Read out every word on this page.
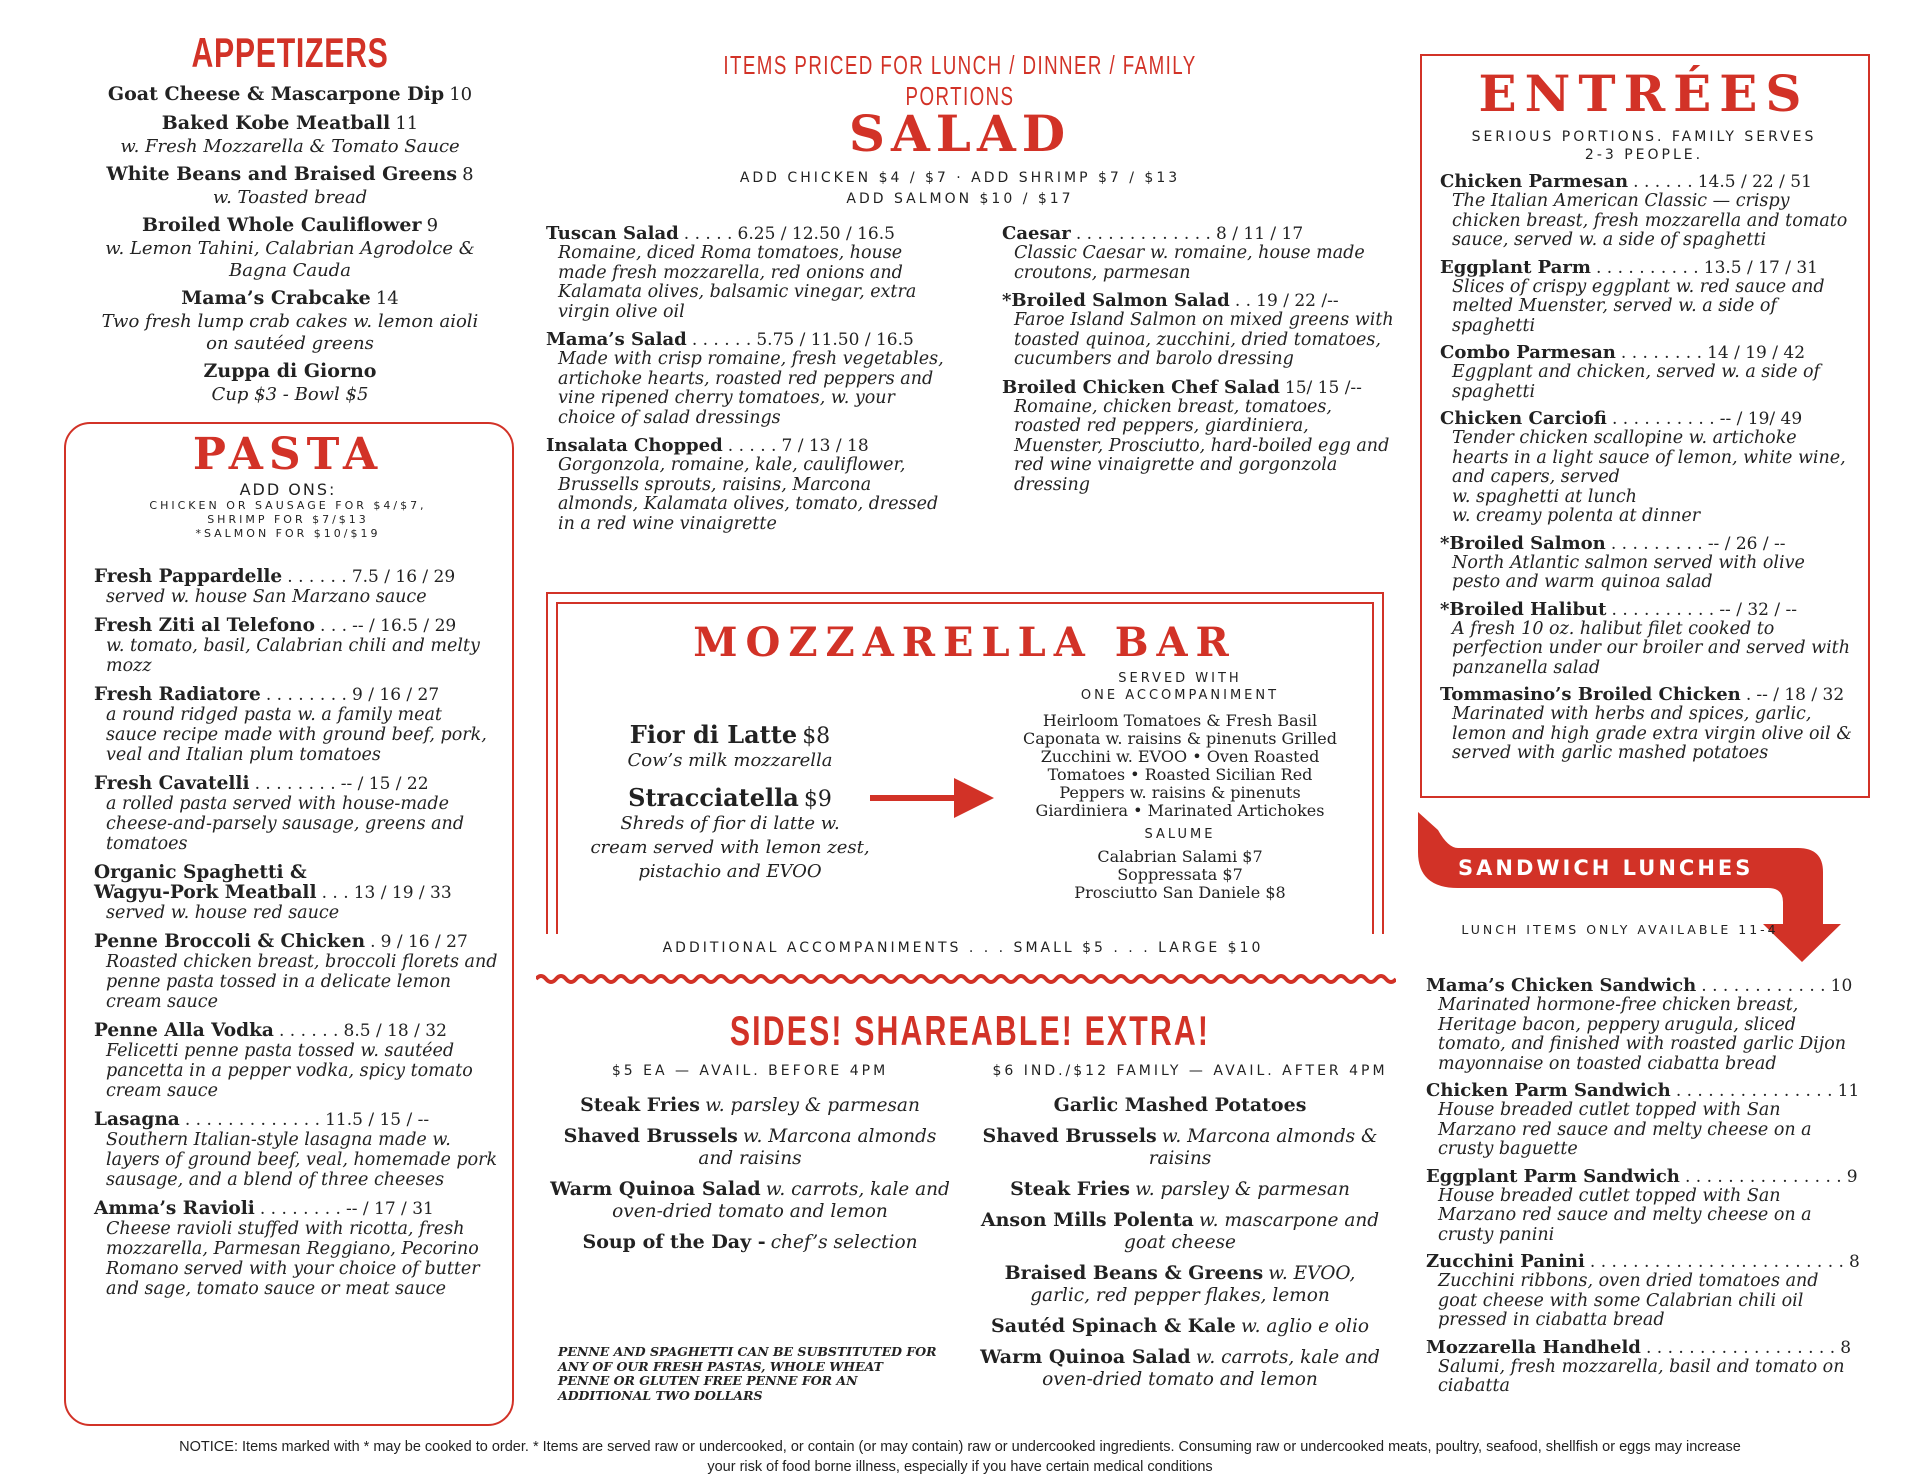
APPETIZERS
Goat Cheese & Mascarpone Dip 10
Baked Kobe Meatball 11
w. Fresh Mozzarella & Tomato Sauce
White Beans and Braised Greens 8
w. Toasted bread
Broiled Whole Cauliflower 9
w. Lemon Tahini, Calabrian Agrodolce & Bagna Cauda
Mama’s Crabcake 14
Two fresh lump crab cakes w. lemon aioli on sautéed greens
Zuppa di Giorno
Cup $3 - Bowl $5
PASTA
ADD ONS:
CHICKEN OR SAUSAGE FOR $4/$7,
SHRIMP FOR $7/$13
*SALMON FOR $10/$19
Fresh Pappardelle . . . . . . 7.5 / 16 / 29
served w. house San Marzano sauce
Fresh Ziti al Telefono . . . -- / 16.5 / 29
w. tomato, basil, Calabrian chili and melty mozz
Fresh Radiatore . . . . . . . . 9 / 16 / 27
a round ridged pasta w. a family meat sauce recipe made with ground beef, pork, veal and Italian plum tomatoes
Fresh Cavatelli . . . . . . . . -- / 15 / 22
a rolled pasta served with house-made cheese-and-parsely sausage, greens and tomatoes
Organic Spaghetti &
Wagyu-Pork Meatball . . . 13 / 19 / 33
served w. house red sauce
Penne Broccoli & Chicken . 9 / 16 / 27
Roasted chicken breast, broccoli florets and penne pasta tossed in a delicate lemon cream sauce
Penne Alla Vodka . . . . . . 8.5 / 18 / 32
Felicetti penne pasta tossed w. sautéed pancetta in a pepper vodka, spicy tomato cream sauce
Lasagna . . . . . . . . . . . . . 11.5 / 15 / --
Southern Italian-style lasagna made w. layers of ground beef, veal, homemade pork sausage, and a blend of three cheeses
Amma’s Ravioli . . . . . . . . -- / 17 / 31
Cheese ravioli stuffed with ricotta, fresh mozzarella, Parmesan Reggiano, Pecorino Romano served with your choice of butter and sage, tomato sauce or meat sauce
ITEMS PRICED FOR LUNCH / DINNER / FAMILY PORTIONS
SALAD
ADD CHICKEN $4 / $7 · ADD SHRIMP $7 / $13
ADD SALMON $10 / $17
Tuscan Salad . . . . . 6.25 / 12.50 / 16.5
Romaine, diced Roma tomatoes, house made fresh mozzarella, red onions and Kalamata olives, balsamic vinegar, extra virgin olive oil
Mama’s Salad . . . . . . 5.75 / 11.50 / 16.5
Made with crisp romaine, fresh vegetables, artichoke hearts, roasted red peppers and vine ripened cherry tomatoes, w. your choice of salad dressings
Insalata Chopped . . . . . 7 / 13 / 18
Gorgonzola, romaine, kale, cauliflower, Brussells sprouts, raisins, Marcona almonds, Kalamata olives, tomato, dressed in a red wine vinaigrette
Caesar . . . . . . . . . . . . . 8 / 11 / 17
Classic Caesar w. romaine, house made croutons, parmesan
*Broiled Salmon Salad . . 19 / 22 /--
Faroe Island Salmon on mixed greens with toasted quinoa, zucchini, dried tomatoes, cucumbers and barolo dressing
Broiled Chicken Chef Salad 15/ 15 /--
Romaine, chicken breast, tomatoes, roasted red peppers, giardiniera, Muenster, Prosciutto, hard-boiled egg and red wine vinaigrette and gorgonzola dressing
MOZZARELLA BAR
Fior di Latte $8
Cow’s milk mozzarella
Stracciatella $9
Shreds of fior di latte w. cream served with lemon zest, pistachio and EVOO
SERVED WITH
ONE ACCOMPANIMENT
Heirloom Tomatoes & Fresh Basil
Caponata w. raisins & pinenuts Grilled
Zucchini w. EVOO • Oven Roasted
Tomatoes • Roasted Sicilian Red
Peppers w. raisins & pinenuts
Giardiniera • Marinated Artichokes
SALUME
Calabrian Salami $7
Soppressata $7
Prosciutto San Daniele $8
ADDITIONAL ACCOMPANIMENTS . . . SMALL $5 . . . LARGE $10
SIDES! SHAREABLE! EXTRA!
$5 EA — AVAIL. BEFORE 4PM	$6 IND./$12 FAMILY — AVAIL. AFTER 4PM
Steak Fries w. parsley & parmesan
Shaved Brussels w. Marcona almonds and raisins
Warm Quinoa Salad w. carrots, kale and oven-dried tomato and lemon
Soup of the Day - chef’s selection
Garlic Mashed Potatoes
Shaved Brussels w. Marcona almonds & raisins
Steak Fries w. parsley & parmesan
Anson Mills Polenta w. mascarpone and goat cheese
Braised Beans & Greens w. EVOO, garlic, red pepper flakes, lemon
Sautéd Spinach & Kale w. aglio e olio
Warm Quinoa Salad w. carrots, kale and oven-dried tomato and lemon
PENNE AND SPAGHETTI CAN BE SUBSTITUTED FOR ANY OF OUR FRESH PASTAS, WHOLE WHEAT PENNE OR GLUTEN FREE PENNE FOR AN ADDITIONAL TWO DOLLARS
ENTRÉES
SERIOUS PORTIONS. FAMILY SERVES
2-3 PEOPLE.
Chicken Parmesan . . . . . . 14.5 / 22 / 51
The Italian American Classic — crispy chicken breast, fresh mozzarella and tomato sauce, served w. a side of spaghetti
Eggplant Parm . . . . . . . . . . 13.5 / 17 / 31
Slices of crispy eggplant w. red sauce and melted Muenster, served w. a side of spaghetti
Combo Parmesan . . . . . . . . 14 / 19 / 42
Eggplant and chicken, served w. a side of spaghetti
Chicken Carciofi . . . . . . . . . . -- / 19/ 49
Tender chicken scallopine w. artichoke hearts in a light sauce of lemon, white wine, and capers, served
w. spaghetti at lunch
w. creamy polenta at dinner
*Broiled Salmon . . . . . . . . . -- / 26 / --
North Atlantic salmon served with olive pesto and warm quinoa salad
*Broiled Halibut . . . . . . . . . . -- / 32 / --
A fresh 10 oz. halibut filet cooked to perfection under our broiler and served with panzanella salad
Tommasino’s Broiled Chicken . -- / 18 / 32
Marinated with herbs and spices, garlic, lemon and high grade extra virgin olive oil & served with garlic mashed potatoes
SANDWICH LUNCHES
LUNCH ITEMS ONLY AVAILABLE 11-4
Mama’s Chicken Sandwich . . . . . . . . . . . . 10
Marinated hormone-free chicken breast, Heritage bacon, peppery arugula, sliced tomato, and finished with roasted garlic Dijon mayonnaise on toasted ciabatta bread
Chicken Parm Sandwich . . . . . . . . . . . . . . . 11
House breaded cutlet topped with San Marzano red sauce and melty cheese on a crusty baguette
Eggplant Parm Sandwich . . . . . . . . . . . . . . . 9
House breaded cutlet topped with San Marzano red sauce and melty cheese on a crusty panini
Zucchini Panini . . . . . . . . . . . . . . . . . . . . . . . . 8
Zucchini ribbons, oven dried tomatoes and goat cheese with some Calabrian chili oil pressed in ciabatta bread
Mozzarella Handheld . . . . . . . . . . . . . . . . . . 8
Salumi, fresh mozzarella, basil and tomato on ciabatta
NOTICE: Items marked with * may be cooked to order. * Items are served raw or undercooked, or contain (or may contain) raw or undercooked ingredients. Consuming raw or undercooked meats, poultry, seafood, shellfish or eggs may increase
your risk of food borne illness, especially if you have certain medical conditions
